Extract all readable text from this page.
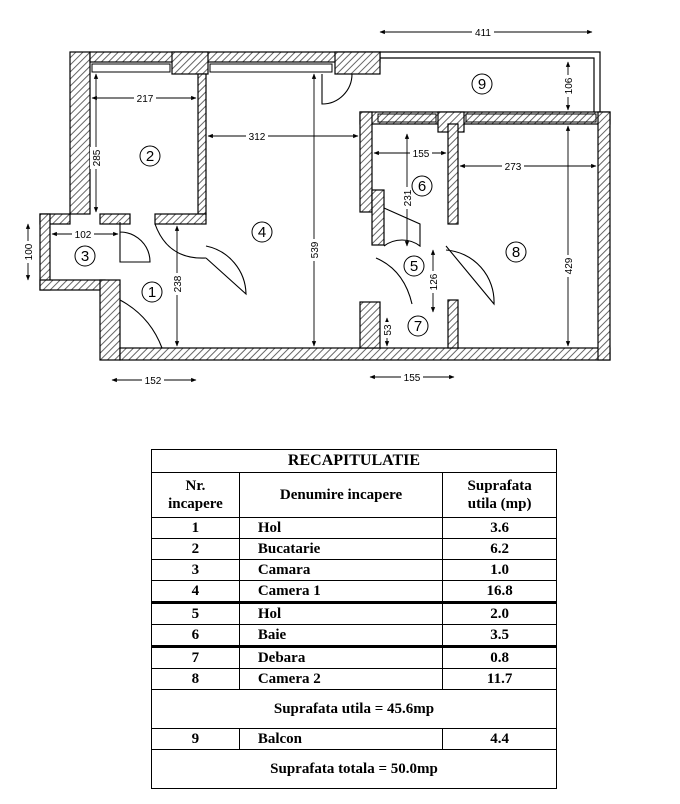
411
106
217
312
285
539
155
273
231
102
100
238
429
126
53
152	155
1
2
3
4
5
6
7
8
9
RECAPITULATIE		
Nr.
incapere	Denumire incapere	Suprafata
utila (mp)
1	Hol	3.6
2	Bucatarie	6.2
3	Camara	1.0
4	Camera 1	16.8
5	Hol	2.0
6	Baie	3.5
7	Debara	0.8
8	Camera 2	11.7
Suprafata utila = 45.6mp		
9	Balcon	4.4
Suprafata totala = 50.0mp		
